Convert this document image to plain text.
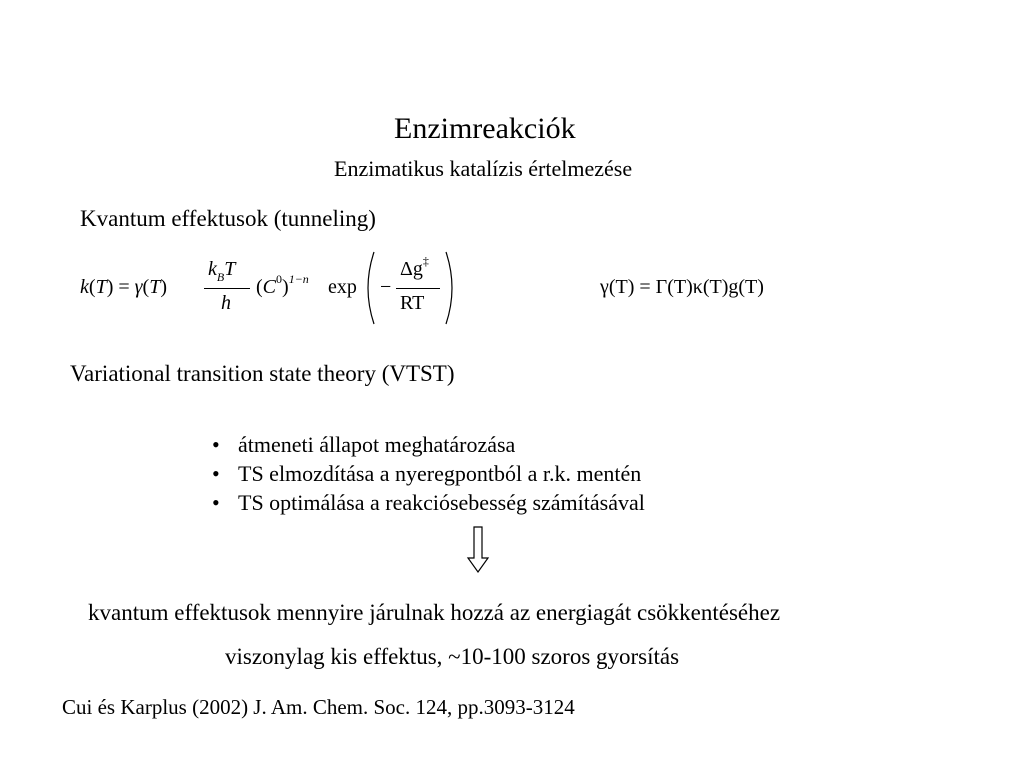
Enzimreakciók
Enzimatikus katalízis értelmezése
Kvantum effektusok (tunneling)
k(T) = γ(T)
$k_BT$
h
$(C^0)^{1-n}$ exp −
Δg‡
RT
γ(T) = Γ(T)κ(T)g(T)
Variational transition state theory (VTST)
• átmeneti állapot meghatározása
• TS elmozdítása a nyeregpontból a r.k. mentén
• TS optimálása a reakciósebesség számításával
kvantum effektusok mennyire járulnak hozzá az energiagát csökkentéséhez
viszonylag kis effektus, ~10-100 szoros gyorsítás
Cui és Karplus (2002) J. Am. Chem. Soc. 124, pp.3093-3124
